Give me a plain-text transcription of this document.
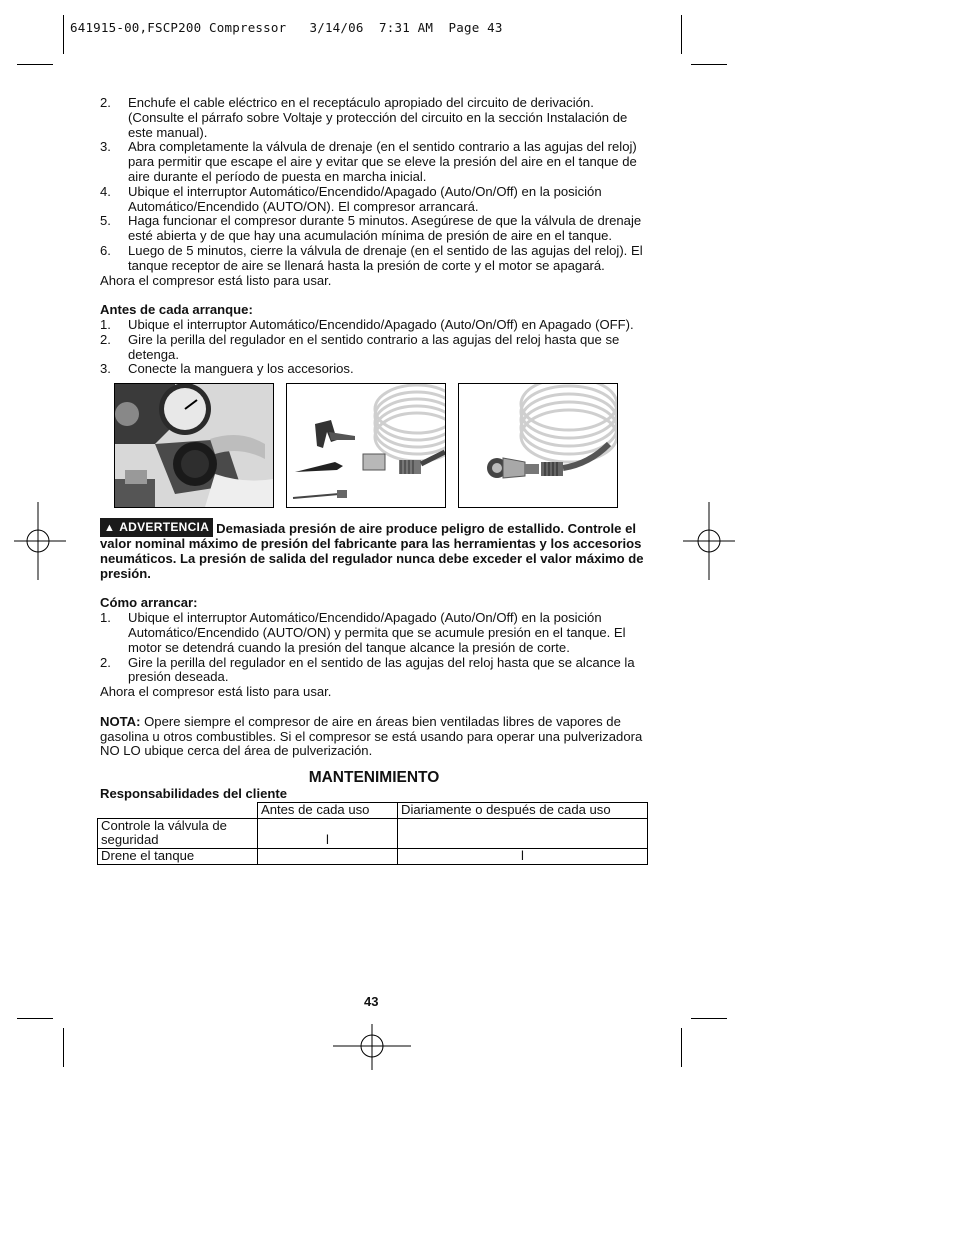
641915-00,FSCP200 Compressor   3/14/06  7:31 AM  Page 43
2. Enchufe el cable eléctrico en el receptáculo apropiado del circuito de derivación. (Consulte el párrafo sobre Voltaje y protección del circuito en la sección Instalación de este manual).
3. Abra completamente la válvula de drenaje (en el sentido contrario a las agujas del reloj) para permitir que escape el aire y evitar que se eleve la presión del aire en el tanque de aire durante el período de puesta en marcha inicial.
4. Ubique el interruptor Automático/Encendido/Apagado (Auto/On/Off) en la posición Automático/Encendido (AUTO/ON). El compresor arrancará.
5. Haga funcionar el compresor durante 5 minutos. Asegúrese de que la válvula de drenaje esté abierta y de que hay una acumulación mínima de presión de aire en el tanque.
6. Luego de 5 minutos, cierre la válvula de drenaje (en el sentido de las agujas del reloj). El tanque receptor de aire se llenará hasta la presión de corte y el motor se apagará.

Ahora el compresor está listo para usar.

Antes de cada arranque:

1. Ubique el interruptor Automático/Encendido/Apagado (Auto/On/Off) en Apagado (OFF).
2. Gire la perilla del regulador en el sentido contrario a las agujas del reloj hasta que se detenga.
3. Conecte la manguera y los accesorios.
▲ ADVERTENCIA Demasiada presión de aire produce peligro de estallido. Controle el valor nominal máximo de presión del fabricante para las herramientas y los accesorios neumáticos. La presión de salida del regulador nunca debe exceder el valor máximo de presión.

Cómo arrancar:

1. Ubique el interruptor Automático/Encendido/Apagado (Auto/On/Off) en la posición Automático/Encendido (AUTO/ON) y permita que se acumule presión en el tanque. El motor se detendrá cuando la presión del tanque alcance la presión de corte.
2. Gire la perilla del regulador en el sentido de las agujas del reloj hasta que se alcance la presión deseada.

Ahora el compresor está listo para usar.

NOTA: Opere siempre el compresor de aire en áreas bien ventiladas libres de vapores de gasolina u otros combustibles. Si el compresor se está usando para operar una pulverizadora NO LO ubique cerca del área de pulverización.

MANTENIMIENTO

Responsabilidades del cliente

	Antes de cada uso	Diariamente o después de cada uso
Controle la válvula de seguridad	l	
Drene el tanque		l
43
